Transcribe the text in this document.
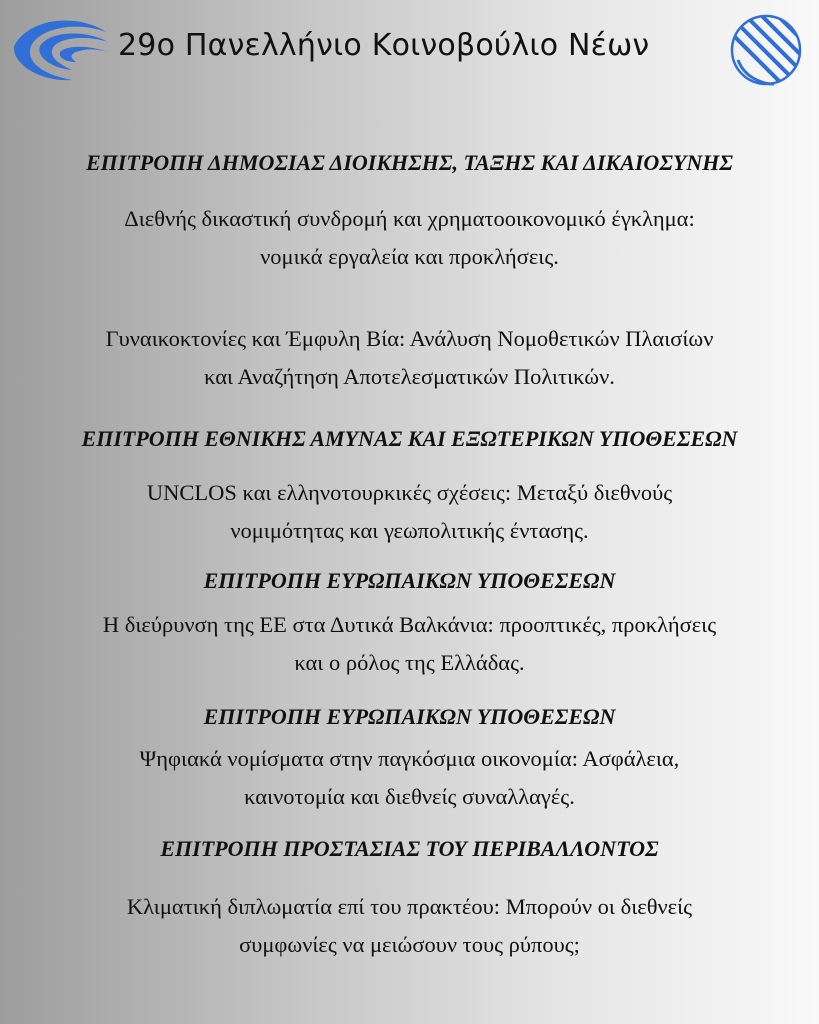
29ο Πανελλήνιο Κοινοβούλιο Νέων
ΕΠΙΤΡΟΠΗ ΔΗΜΟΣΙΑΣ ΔΙΟΙΚΗΣΗΣ, ΤΑΞΗΣ ΚΑΙ ΔΙΚΑΙΟΣΥΝΗΣ
Διεθνής δικαστική συνδρομή και χρηματοοικονομικό έγκλημα:
νομικά εργαλεία και προκλήσεις.
Γυναικοκτονίες και Έμφυλη Βία: Ανάλυση Νομοθετικών Πλαισίων
και Αναζήτηση Αποτελεσματικών Πολιτικών.
ΕΠΙΤΡΟΠΗ ΕΘΝΙΚΗΣ ΑΜΥΝΑΣ ΚΑΙ ΕΞΩΤΕΡΙΚΩΝ ΥΠΟΘΕΣΕΩΝ
UNCLOS και ελληνοτουρκικές σχέσεις: Μεταξύ διεθνούς
νομιμότητας και γεωπολιτικής έντασης.
ΕΠΙΤΡΟΠΗ ΕΥΡΩΠΑΙΚΩΝ ΥΠΟΘΕΣΕΩΝ
Η διεύρυνση της ΕΕ στα Δυτικά Βαλκάνια: προοπτικές, προκλήσεις
και ο ρόλος της Ελλάδας.
ΕΠΙΤΡΟΠΗ ΕΥΡΩΠΑΙΚΩΝ ΥΠΟΘΕΣΕΩΝ
Ψηφιακά νομίσματα στην παγκόσμια οικονομία: Ασφάλεια,
καινοτομία και διεθνείς συναλλαγές.
ΕΠΙΤΡΟΠΗ ΠΡΟΣΤΑΣΙΑΣ ΤΟΥ ΠΕΡΙΒΑΛΛΟΝΤΟΣ
Κλιματική διπλωματία επί του πρακτέου: Μπορούν οι διεθνείς
συμφωνίες να μειώσουν τους ρύπους;
